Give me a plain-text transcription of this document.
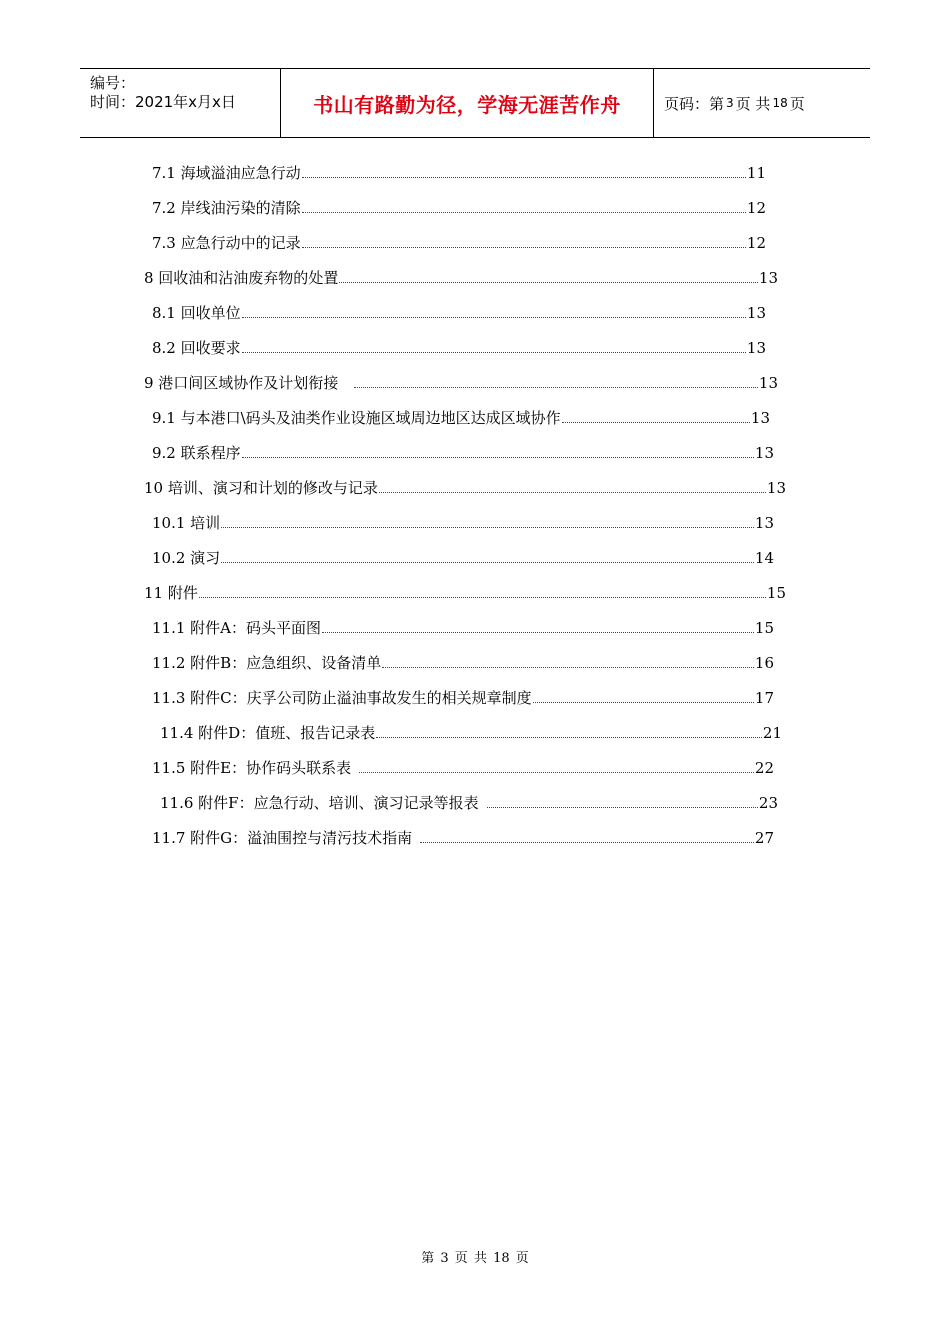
编号：
时间：2021年x月x日	书山有路勤为径，学海无涯苦作舟	页码：第 3 页 共 18 页
7.1 海域溢油应急行动	11
7.2 岸线油污染的清除	12
7.3 应急行动中的记录	12
8 回收油和沾油废弃物的处置	13
8.1 回收单位	13
8.2 回收要求	13
9 港口间区域协作及计划衔接	13
9.1 与本港口\码头及油类作业设施区域周边地区达成区域协作	13
9.2 联系程序	13
10 培训、演习和计划的修改与记录	13
10.1 培训	13
10.2 演习	14
11 附件	15
11.1 附件A：码头平面图	15
11.2 附件B：应急组织、设备清单	16
11.3 附件C：庆孚公司防止溢油事故发生的相关规章制度	17
11.4 附件D：值班、报告记录表	21
11.5 附件E：协作码头联系表	22
11.6 附件F：应急行动、培训、演习记录等报表	23
11.7 附件G：溢油围控与清污技术指南	27
第 3 页 共 18 页
